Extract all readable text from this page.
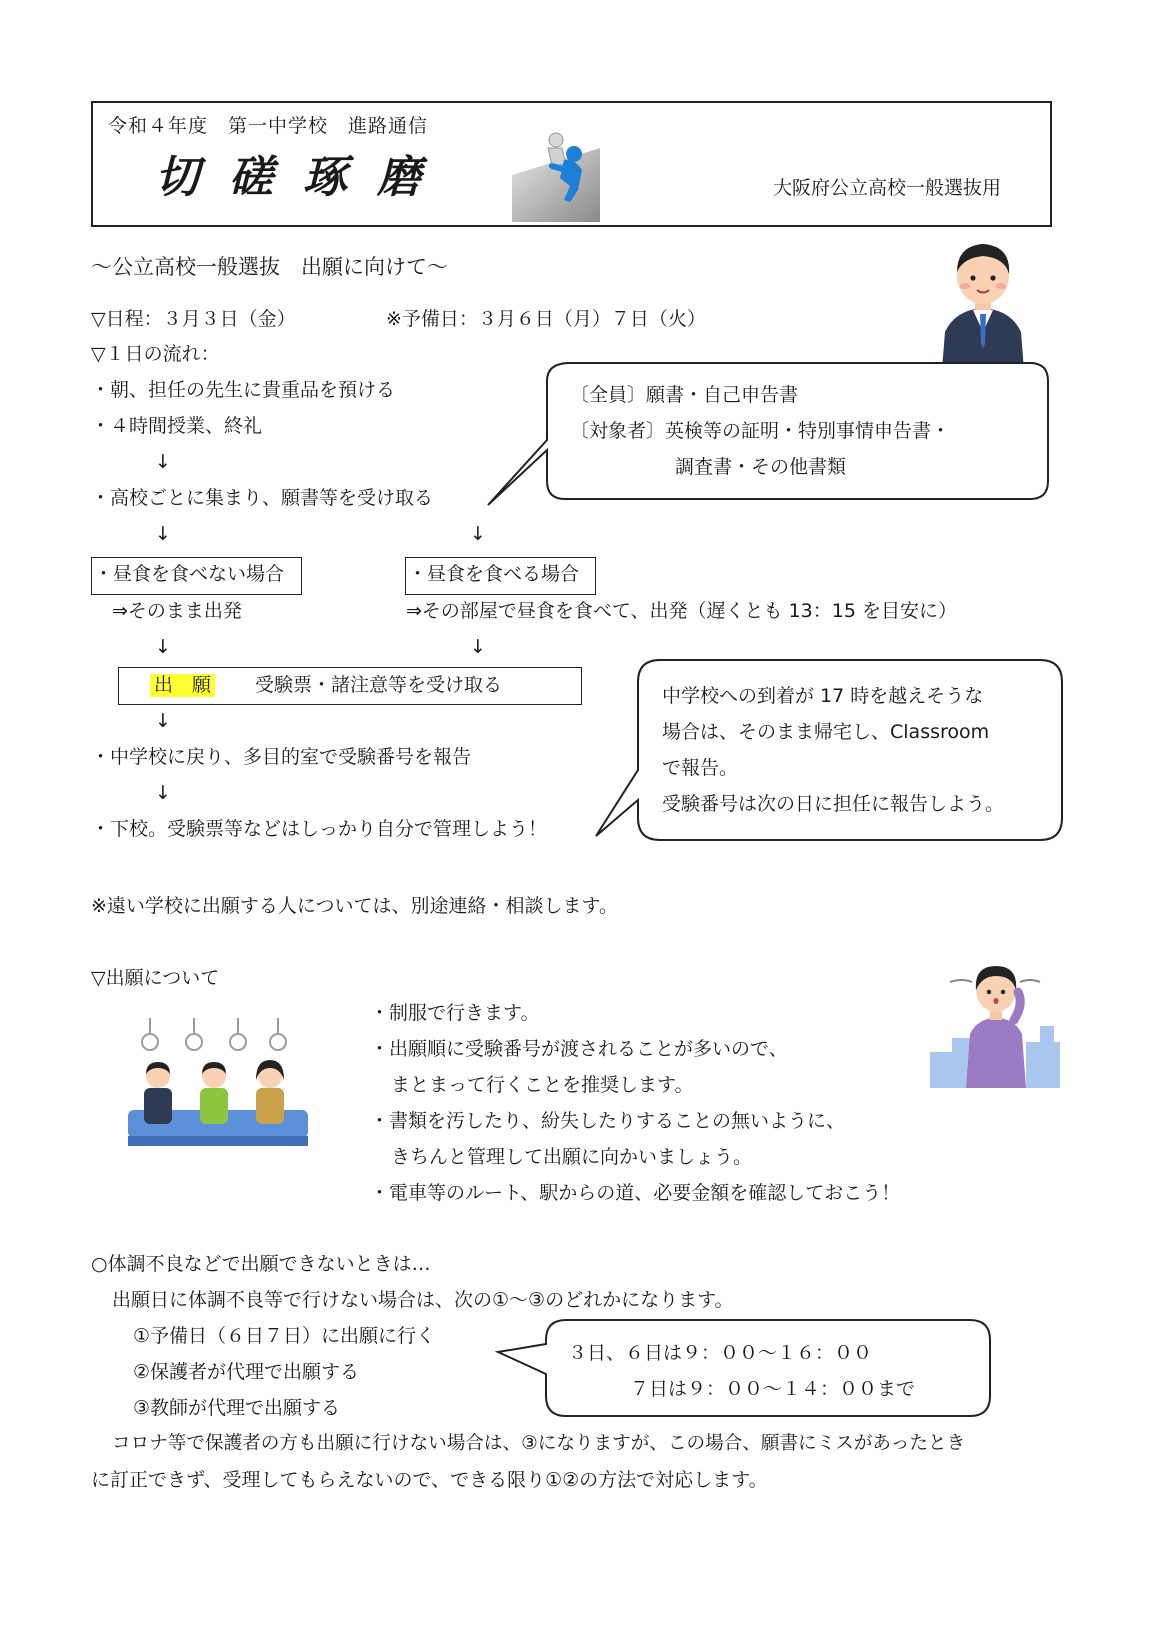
令和４年度　第一中学校　進路通信
切磋琢磨	大阪府公立高校一般選抜用
～公立高校一般選抜　出願に向けて～
▽日程：３月３日（金）	※予備日：３月６日（月）７日（火）
▽１日の流れ：
・朝、担任の先生に貴重品を預ける
・４時間授業、終礼
↓
・高校ごとに集まり、願書等を受け取る
↓	↓
・昼食を食べない場合	・昼食を食べる場合
⇒そのまま出発	⇒その部屋で昼食を食べて、出発（遅くとも 13：15 を目安に）
↓	↓
出　願 受験票・諸注意等を受け取る
↓
・中学校に戻り、多目的室で受験番号を報告
↓
・下校。受験票等などはしっかり自分で管理しよう！
〔全員〕願書・自己申告書
〔対象者〕英検等の証明・特別事情申告書・
調査書・その他書類
中学校への到着が 17 時を越えそうな
場合は、そのまま帰宅し、Classroom
で報告。
受験番号は次の日に担任に報告しよう。
※遠い学校に出願する人については、別途連絡・相談します。
▽出願について
・制服で行きます。
・出願順に受験番号が渡されることが多いので、
まとまって行くことを推奨します。
・書類を汚したり、紛失したりすることの無いように、
きちんと管理して出願に向かいましょう。
・電車等のルート、駅からの道、必要金額を確認しておこう！
○体調不良などで出願できないときは…
出願日に体調不良等で行けない場合は、次の①～③のどれかになります。
①予備日（６日７日）に出願に行く
②保護者が代理で出願する
③教師が代理で出願する
３日、６日は９：００～１６：００
７日は９：００～１４：００まで
コロナ等で保護者の方も出願に行けない場合は、③になりますが、この場合、願書にミスがあったとき
に訂正できず、受理してもらえないので、できる限り①②の方法で対応します。
